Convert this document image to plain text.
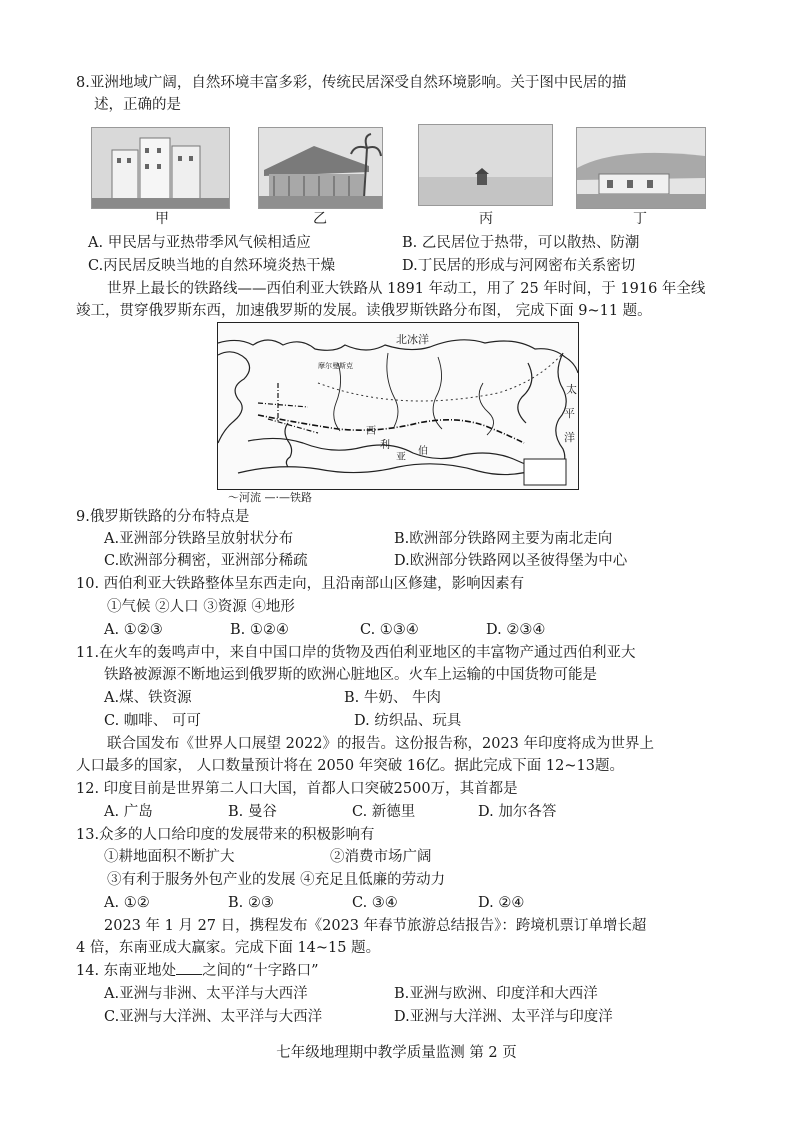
8.亚洲地域广阔，自然环境丰富多彩，传统民居深受自然环境影响。关于图中民居的描
述，正确的是
甲	乙	丙	丁
A. 甲民居与亚热带季风气候相适应	B. 乙民居位于热带，可以散热、防潮
C.丙民居反映当地的自然环境炎热干燥	D.丁民居的形成与河网密布关系密切
世界上最长的铁路线——西伯利亚大铁路从 1891 年动工，用了 25 年时间，于 1916 年全线
竣工，贯穿俄罗斯东西，加速俄罗斯的发展。读俄罗斯铁路分布图， 完成下面 9~11 题。
北冰洋
摩尔曼斯克
太
平
洋
西
利
亚
伯
〜河流 —·—铁路
9.俄罗斯铁路的分布特点是
A.亚洲部分铁路呈放射状分布	B.欧洲部分铁路网主要为南北走向
C.欧洲部分稠密，亚洲部分稀疏	D.欧洲部分铁路网以圣彼得堡为中心
10. 西伯利亚大铁路整体呈东西走向，且沿南部山区修建，影响因素有
①气候 ②人口 ③资源 ④地形
A. ①②③	B. ①②④	C. ①③④	D. ②③④
11.在火车的轰鸣声中，来自中国口岸的货物及西伯利亚地区的丰富物产通过西伯利亚大
铁路被源源不断地运到俄罗斯的欧洲心脏地区。火车上运输的中国货物可能是
A.煤、铁资源	B. 牛奶、 牛肉
C. 咖啡、 可可	D. 纺织品、玩具
联合国发布《世界人口展望 2022》的报告。这份报告称，2023 年印度将成为世界上
人口最多的国家， 人口数量预计将在 2050 年突破 16亿。据此完成下面 12~13题。
12. 印度目前是世界第二人口大国，首都人口突破2500万，其首都是
A. 广岛	B. 曼谷	C. 新德里	D. 加尔各答
13.众多的人口给印度的发展带来的积极影响有
①耕地面积不断扩大	②消费市场广阔
③有利于服务外包产业的发展 ④充足且低廉的劳动力
A. ①②	B. ②③	C. ③④	D. ②④
2023 年 1 月 27 日，携程发布《2023 年春节旅游总结报告》：跨境机票订单增长超
4 倍，东南亚成大赢家。完成下面 14~15 题。
14. 东南亚地处 之间的“十字路口”
A.亚洲与非洲、太平洋与大西洋	B.亚洲与欧洲、印度洋和大西洋
C.亚洲与大洋洲、太平洋与大西洋	D.亚洲与大洋洲、太平洋与印度洋
七年级地理期中教学质量监测 第 2 页
